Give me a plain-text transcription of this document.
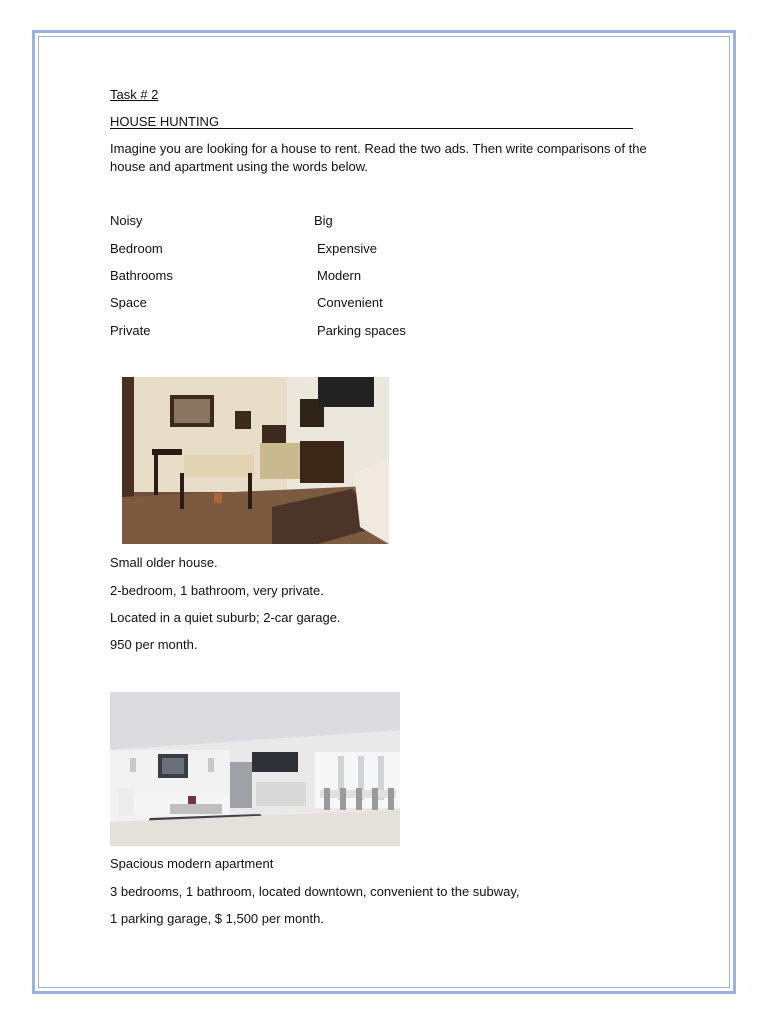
Task # 2
HOUSE HUNTING
Imagine you are looking for a house to rent. Read the two ads. Then write comparisons of the house and apartment using the words below.
Noisy
Bedroom
Bathrooms
Space
Private
Big
Expensive
Modern
Convenient
Parking spaces
Small older house.
2-bedroom, 1 bathroom, very private.
Located in a quiet suburb; 2-car garage.
950 per month.
Spacious modern apartment
3 bedrooms, 1 bathroom, located downtown, convenient to the subway,
1 parking garage, $ 1,500 per month.
